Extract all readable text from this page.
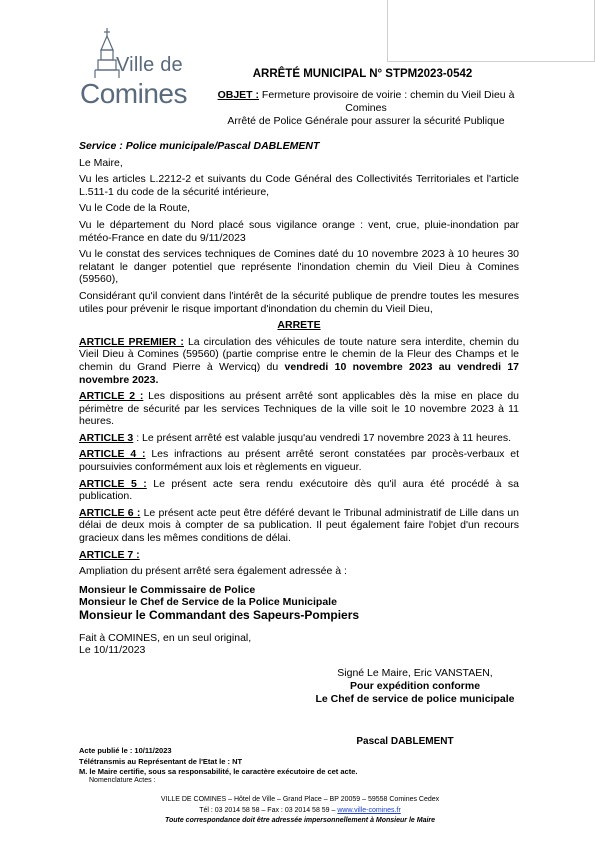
Ville de
Comines
ARRÊTÉ MUNICIPAL N° STPM2023-0542
OBJET : Fermeture provisoire de voirie : chemin du Vieil Dieu à Comines
Arrêté de Police Générale pour assurer la sécurité Publique

Service : Police municipale/Pascal DABLEMENT

Le Maire,

Vu les articles L.2212-2 et suivants du Code Général des Collectivités Territoriales et l'article L.511-1 du code de la sécurité intérieure,

Vu le Code de la Route,

Vu le département du Nord placé sous vigilance orange : vent, crue, pluie-inondation par météo-France en date du 9/11/2023

Vu le constat des services techniques de Comines daté du 10 novembre 2023 à 10 heures 30 relatant le danger potentiel que représente l'inondation chemin du Vieil Dieu à Comines (59560),

Considérant qu'il convient dans l'intérêt de la sécurité publique de prendre toutes les mesures utiles pour prévenir le risque important d'inondation du chemin du Vieil Dieu,

ARRETE

ARTICLE PREMIER : La circulation des véhicules de toute nature sera interdite, chemin du Vieil Dieu à Comines (59560) (partie comprise entre le chemin de la Fleur des Champs et le chemin du Grand Pierre à Wervicq) du vendredi 10 novembre 2023 au vendredi 17 novembre 2023.

ARTICLE 2 : Les dispositions au présent arrêté sont applicables dès la mise en place du périmètre de sécurité par les services Techniques de la ville soit le 10 novembre 2023 à 11 heures.

ARTICLE 3 : Le présent arrêté est valable jusqu'au vendredi 17 novembre 2023 à 11 heures.

ARTICLE 4 : Les infractions au présent arrêté seront constatées par procès-verbaux et poursuivies conformément aux lois et règlements en vigueur.

ARTICLE 5 : Le présent acte sera rendu exécutoire dès qu'il aura été procédé à sa publication.

ARTICLE 6 : Le présent acte peut être déféré devant le Tribunal administratif de Lille dans un délai de deux mois à compter de sa publication. Il peut également faire l'objet d'un recours gracieux dans les mêmes conditions de délai.

ARTICLE 7 :

Ampliation du présent arrêté sera également adressée à :

Monsieur le Commissaire de Police
Monsieur le Chef de Service de la Police Municipale
Monsieur le Commandant des Sapeurs-Pompiers
Fait à COMINES, en un seul original,
Le 10/11/2023
Signé Le Maire, Eric VANSTAEN,
Pour expédition conforme
Le Chef de service de police municipale
Pascal DABLEMENT
Acte publié le : 10/11/2023
Télétransmis au Représentant de l'Etat le : NT
M. le Maire certifie, sous sa responsabilité, le caractère exécutoire de cet acte.
Nomenclature Actes :
VILLE DE COMINES – Hôtel de Ville – Grand Place – BP 20059 – 59558 Comines Cedex
Tél : 03 2014 58 58 – Fax : 03 2014 58 59 – www.ville-comines.fr
Toute correspondance doit être adressée impersonnellement à Monsieur le Maire
